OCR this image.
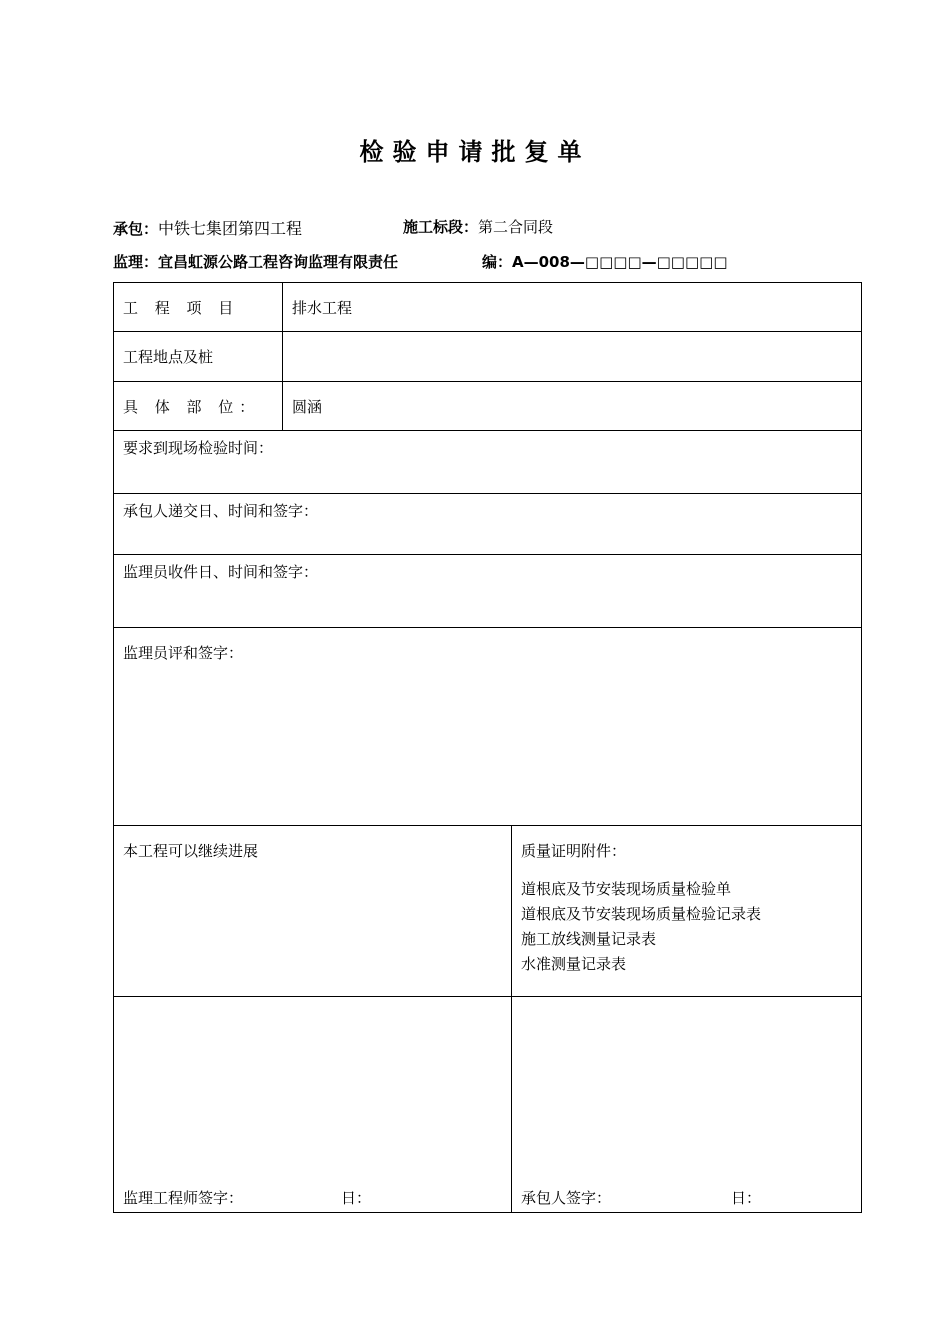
检验申请批复单
承包：中铁七集团第四工程	施工标段：第二合同段
监理：宜昌虹源公路工程咨询监理有限责任	编：A—008—□□□□—□□□□□
工 程 项 目	排水工程	
工程地点及桩		
具 体 部 位：	圆涵	

要求到现场检验时间：		

承包人递交日、时间和签字：		

监理员收件日、时间和签字：		

监理员评和签字：		

本工程可以继续进展		质量证明附件：
道根底及节安装现场质量检验单
道根底及节安装现场质量检验记录表
施工放线测量记录表
水准测量记录表

监理工程师签字： 日：		承包人签字： 日：
